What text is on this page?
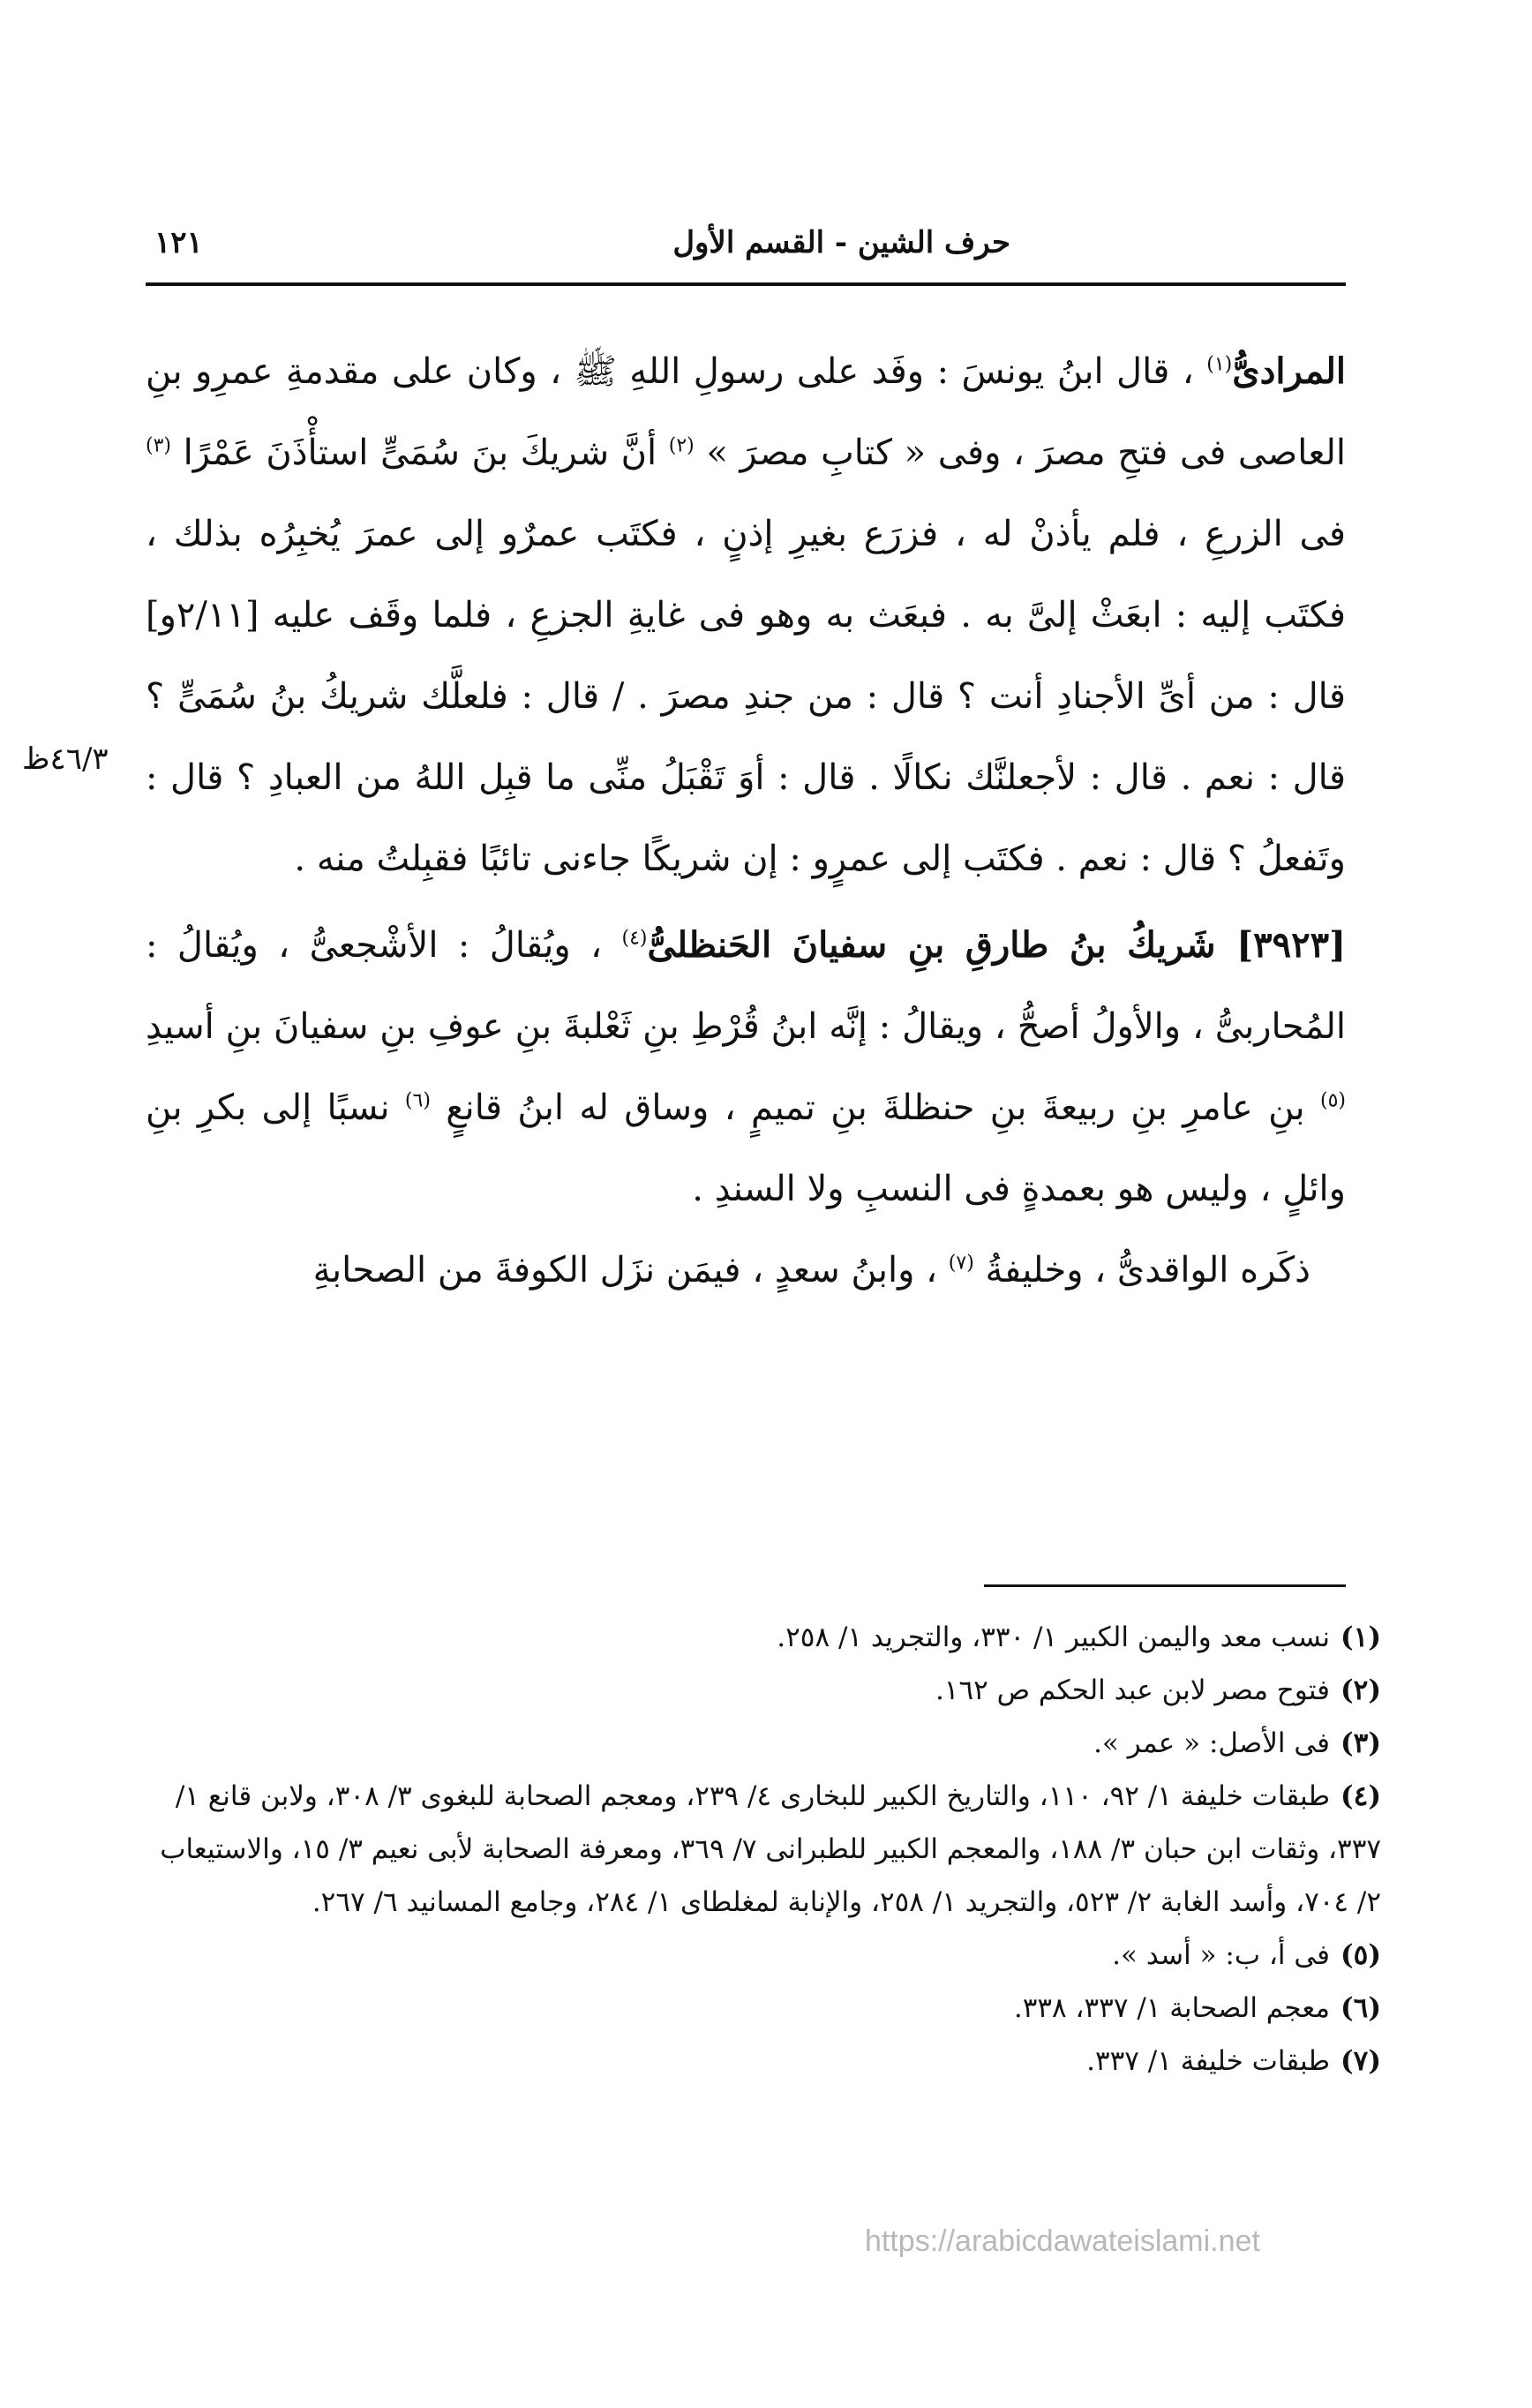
حرف الشين - القسم الأول
١٢١
٤٦/٣ظ

المرادىُّ$^{(١)}$ ، قال ابنُ يونسَ : وفَد على رسولِ اللهِ ﷺ ، وكان على مقدمةِ عمرِو بنِ العاصى فى فتحِ مصرَ ، وفى « كتابِ مصرَ » $^{(٢)}$ أنَّ شريكَ بنَ سُمَىٍّ استأْذَنَ عَمْرًا $^{(٣)}$ فى الزرعِ ، فلم يأذنْ له ، فزرَع بغيرِ إذنٍ ، فكتَب عمرٌو إلى عمرَ يُخبِرُه بذلك ، فكتَب إليه : ابعَثْ إلىَّ به . فبعَث به وهو فى غايةِ الجزعِ ، فلما وقَف عليه [٢/١١و] قال : من أىِّ الأجنادِ أنت ؟ قال : من جندِ مصرَ . / قال : فلعلَّك شريكُ بنُ سُمَىٍّ ؟ قال : نعم . قال : لأجعلنَّك نكالًا . قال : أوَ تَقْبَلُ منِّى ما قبِل اللهُ من العبادِ ؟ قال : وتَفعلُ ؟ قال : نعم . فكتَب إلى عمرٍو : إن شريكًا جاءنى تائبًا فقبِلتُ منه .

[٣٩٢٣] شَريكُ بنُ طارقِ بنِ سفيانَ الحَنظلىُّ$^{(٤)}$ ، ويُقالُ : الأشْجعىُّ ، ويُقالُ : المُحاربىُّ ، والأولُ أصحُّ ، ويقالُ : إنَّه ابنُ قُرْطِ بنِ ثَعْلبةَ بنِ عوفِ بنِ سفيانَ بنِ أسيدِ $^{(٥)}$ بنِ عامرِ بنِ ربيعةَ بنِ حنظلةَ بنِ تميمٍ ، وساق له ابنُ قانعٍ $^{(٦)}$ نسبًا إلى بكرِ بنِ وائلٍ ، وليس هو بعمدةٍ فى النسبِ ولا السندِ .

ذكَره الواقدىُّ ، وخليفةُ $^{(٧)}$ ، وابنُ سعدٍ ، فيمَن نزَل الكوفةَ من الصحابةِ

(١)نسب معد واليمن الكبير ١/ ٣٣٠، والتجريد ١/ ٢٥٨.

(٢)فتوح مصر لابن عبد الحكم ص ١٦٢.

(٣)فى الأصل: « عمر ».

(٤)طبقات خليفة ١/ ٩٢، ١١٠، والتاريخ الكبير للبخارى ٤/ ٢٣٩، ومعجم الصحابة للبغوى ٣/ ٣٠٨، ولابن قانع ١/ ٣٣٧، وثقات ابن حبان ٣/ ١٨٨، والمعجم الكبير للطبرانى ٧/ ٣٦٩، ومعرفة الصحابة لأبى نعيم ٣/ ١٥، والاستيعاب ٢/ ٧٠٤، وأسد الغابة ٢/ ٥٢٣، والتجريد ١/ ٢٥٨، والإنابة لمغلطاى ١/ ٢٨٤، وجامع المسانيد ٦/ ٢٦٧.

(٥)فى أ، ب: « أسد ».

(٦)معجم الصحابة ١/ ٣٣٧، ٣٣٨.

(٧)طبقات خليفة ١/ ٣٣٧.

https://arabicdawateislami.net
